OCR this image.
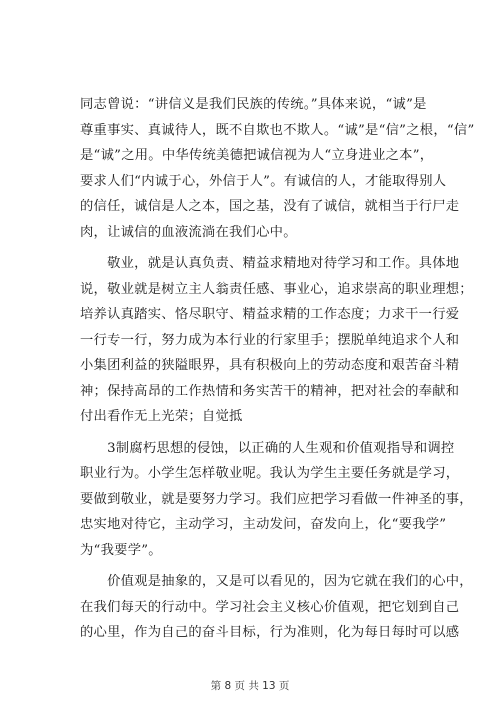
同志曾说：“讲信义是我们民族的传统。”具体来说，“诚”是
尊重事实、真诚待人，既不自欺也不欺人。“诚”是“信”之根，“信”
是“诚”之用。中华传统美德把诚信视为人“立身进业之本”，
要求人们“内诚于心，外信于人”。有诚信的人，才能取得别人
的信任，诚信是人之本，国之基，没有了诚信，就相当于行尸走
肉，让诚信的血液流淌在我们心中。
　　敬业，就是认真负责、精益求精地对待学习和工作。具体地
说，敬业就是树立主人翁责任感、事业心，追求崇高的职业理想；
培养认真踏实、恪尽职守、精益求精的工作态度；力求干一行爱
一行专一行，努力成为本行业的行家里手；摆脱单纯追求个人和
小集团利益的狭隘眼界，具有积极向上的劳动态度和艰苦奋斗精
神；保持高昂的工作热情和务实苦干的精神，把对社会的奉献和
付出看作无上光荣；自觉抵
　　3制腐朽思想的侵蚀，以正确的人生观和价值观指导和调控
职业行为。小学生怎样敬业呢。我认为学生主要任务就是学习，
要做到敬业，就是要努力学习。我们应把学习看做一件神圣的事，
忠实地对待它，主动学习，主动发问，奋发向上，化“要我学”
为“我要学”。
　　价值观是抽象的，又是可以看见的，因为它就在我们的心中，
在我们每天的行动中。学习社会主义核心价值观，把它划到自己
的心里，作为自己的奋斗目标，行为准则，化为每日每时可以感
第 8 页 共 13 页
